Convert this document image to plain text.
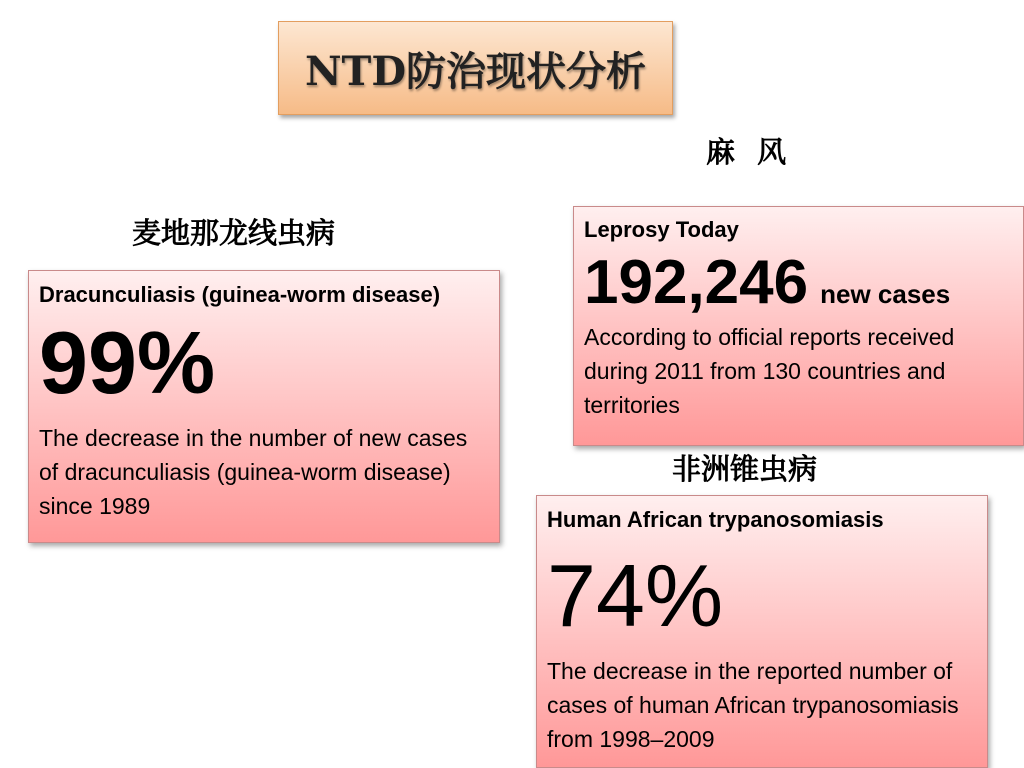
NTD防治现状分析
麻 风
麦地那龙线虫病
非洲锥虫病
Dracunculiasis (guinea-worm disease)
99%
The decrease in the number of new cases of dracunculiasis (guinea-worm disease) since 1989
Leprosy Today
192,246 new cases
According to official reports received during 2011 from 130 countries and territories
Human African trypanosomiasis
74%
The decrease in the reported number of cases of human African trypanosomiasis from 1998–2009
